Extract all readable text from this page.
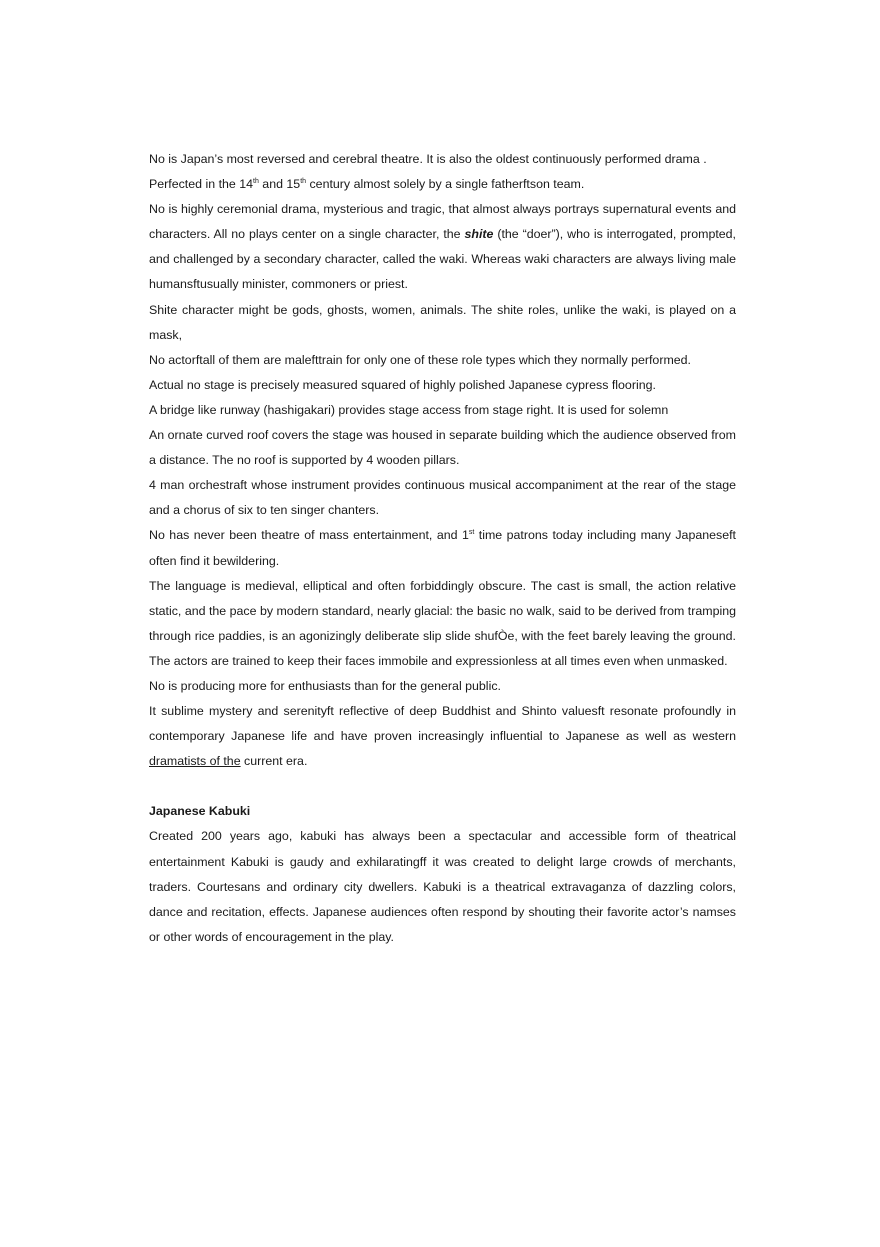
No is Japan’s most reversed and cerebral theatre. It is also the oldest continuously performed drama .
Perfected in the 14th and 15th century almost solely by a single fatherftson team.

No is highly ceremonial drama, mysterious and tragic, that almost always portrays supernatural events and characters. All no plays center on a single character, the shite (the “doer”), who is interrogated, prompted, and challenged by a secondary character, called the waki. Whereas waki characters are always living male humansftusually minister, commoners or priest.

Shite character might be gods, ghosts, women, animals. The shite roles, unlike the waki, is played on a mask,

No actorftall of them are malefttrain for only one of these role types which they normally performed.

Actual no stage is precisely measured squared of highly polished Japanese cypress flooring.

A bridge like runway (hashigakari) provides stage access from stage right. It is used for solemn

An ornate curved roof covers the stage was housed in separate building which the audience observed from a distance. The no roof is supported by 4 wooden pillars.

4 man orchestraft whose instrument provides continuous musical accompaniment at the rear of the stage and a chorus of six to ten singer chanters.

No has never been theatre of mass entertainment, and 1st time patrons today including many Japaneseft often find it bewildering.

The language is medieval, elliptical and often forbiddingly obscure. The cast is small, the action relative static, and the pace by modern standard, nearly glacial: the basic no walk, said to be derived from tramping through rice paddies, is an agonizingly deliberate slip slide shufÒe, with the feet barely leaving the ground. The actors are trained to keep their faces immobile and expressionless at all times even when unmasked.

No is producing more for enthusiasts than for the general public.

It sublime mystery and serenityft reflective of deep Buddhist and Shinto valuesft resonate profoundly in contemporary Japanese life and have proven increasingly influential to Japanese as well as western dramatists of the current era.

Japanese Kabuki

Created 200 years ago, kabuki has always been a spectacular and accessible form of theatrical entertainment Kabuki is gaudy and exhilaratingff it was created to delight large crowds of merchants, traders. Courtesans and ordinary city dwellers. Kabuki is a theatrical extravaganza of dazzling colors, dance and recitation, effects. Japanese audiences often respond by shouting their favorite actor’s namses or other words of encouragement in the play.
